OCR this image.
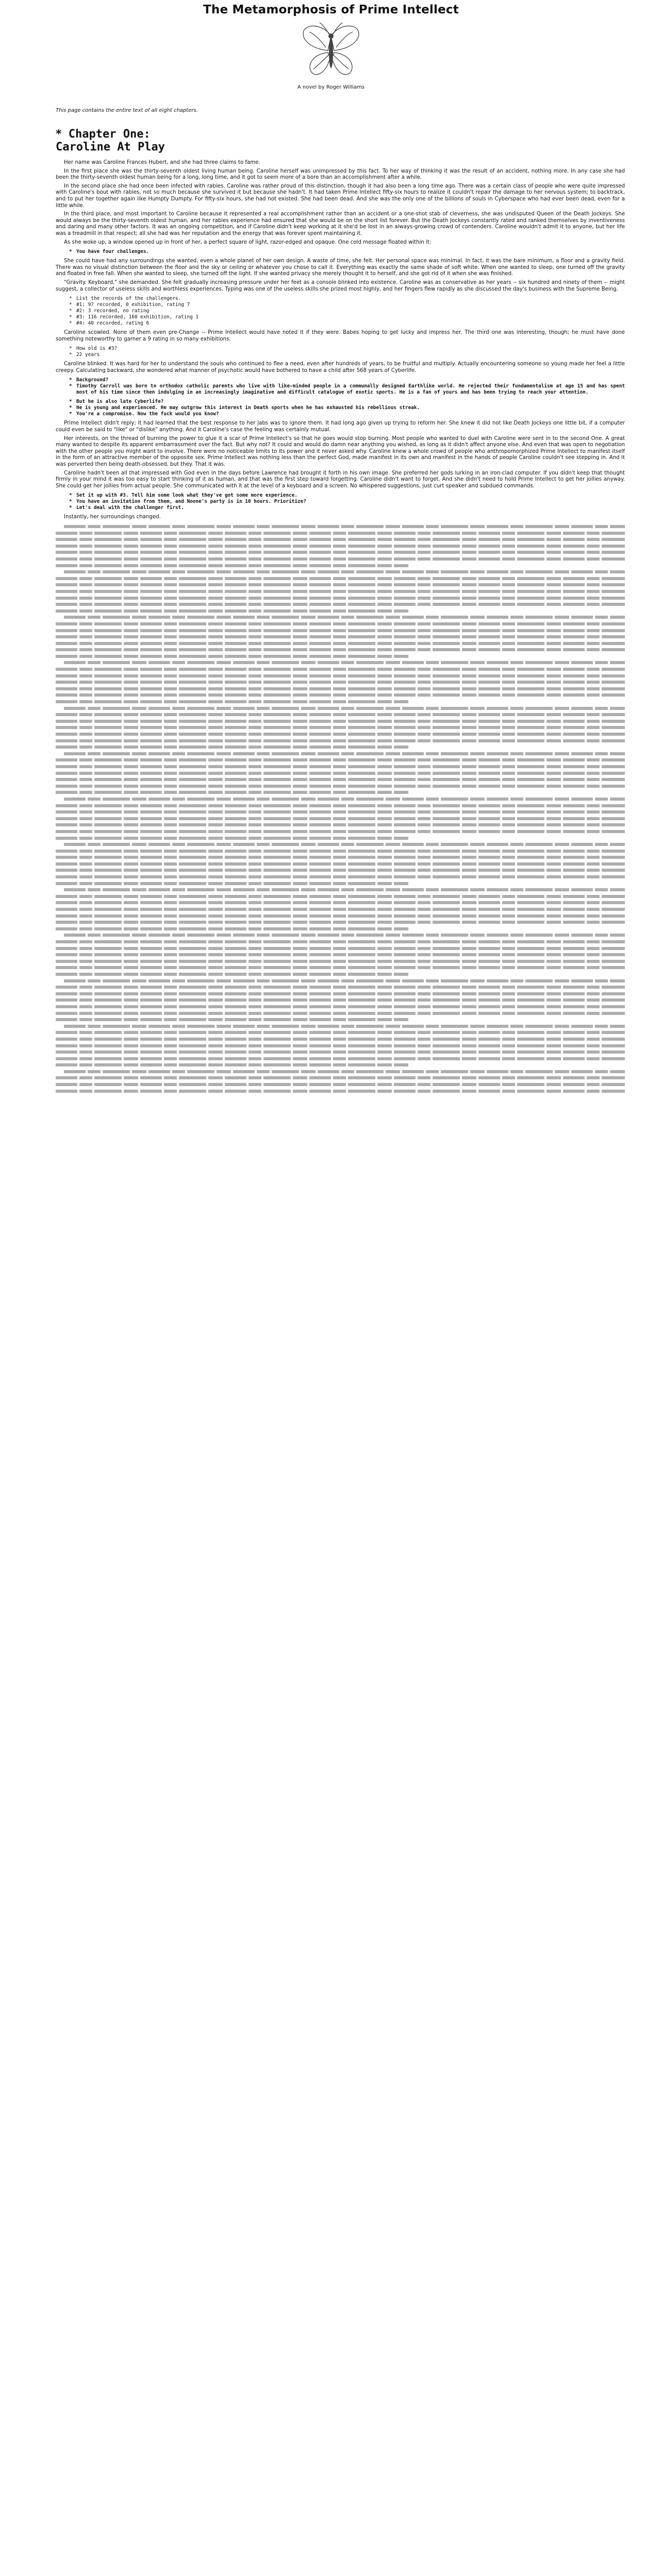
The Metamorphosis of Prime Intellect

A novel by Roger Williams

This page contains the entire text of all eight chapters.

* Chapter One:
Caroline At Play

Her name was Caroline Frances Hubert, and she had three claims to fame.

In the first place she was the thirty-seventh oldest living human being. Caroline herself was unimpressed by this fact. To her way of thinking it was the result of an accident, nothing more. In any case she had been the thirty-seventh oldest human being for a long, long time, and it got to seem more of a bore than an accomplishment after a while.

In the second place she had once been infected with rabies. Caroline was rather proud of this distinction, though it had also been a long time ago. There was a certain class of people who were quite impressed with Caroline's bout with rabies, not so much because she survived it but because she hadn't. It had taken Prime Intellect fifty-six hours to realize it couldn't repair the damage to her nervous system; to backtrack, and to put her together again like Humpty Dumpty. For fifty-six hours, she had not existed. She had been dead. And she was the only one of the billions of souls in Cyberspace who had ever been dead, even for a little while.

In the third place, and most important to Caroline because it represented a real accomplishment rather than an accident or a one-shot stab of cleverness, she was undisputed Queen of the Death Jockeys. She would always be the thirty-seventh oldest human, and her rabies experience had ensured that she would be on the short list forever. But the Death Jockeys constantly rated and ranked themselves by inventiveness and daring and many other factors. It was an ongoing competition, and if Caroline didn't keep working at it she'd be lost in an always-growing crowd of contenders. Caroline wouldn't admit it to anyone, but her life was a treadmill in that respect; all she had was her reputation and the energy that was forever spent maintaining it.

As she woke up, a window opened up in front of her, a perfect square of light, razor-edged and opaque. One cold message floated within it:

* You have four challenges.

She could have had any surroundings she wanted, even a whole planet of her own design. A waste of time, she felt. Her personal space was minimal. In fact, it was the bare minimum, a floor and a gravity field. There was no visual distinction between the floor and the sky or ceiling or whatever you chose to call it. Everything was exactly the same shade of soft white. When one wanted to sleep, one turned off the gravity and floated in free fall. When she wanted to sleep, she turned off the light. If she wanted privacy she merely thought it to herself, and she got rid of it when she was finished.

"Gravity. Keyboard," she demanded. She felt gradually increasing pressure under her feet as a console blinked into existence. Caroline was as conservative as her years -- six hundred and ninety of them -- might suggest, a collector of useless skills and worthless experiences. Typing was one of the useless skills she prized most highly, and her fingers flew rapidly as she discussed the day's business with the Supreme Being.

* List the records of the challengers.
* #1: 97 recorded, 0 exhibition, rating 7
* #2: 3 recorded, no rating
* #3: 116 recorded, 160 exhibition, rating 1
* #4: 40 recorded, rating 6

Caroline scowled. None of them even pre-Change -- Prime Intellect would have noted it if they were. Babes hoping to get lucky and impress her. The third one was interesting, though; he must have done something noteworthy to garner a 9 rating in so many exhibitions.

* How old is #3?
* 22 years

Caroline blinked. It was hard for her to understand the souls who continued to flee a need, even after hundreds of years, to be fruitful and multiply. Actually encountering someone so young made her feel a little creepy. Calculating backward, she wondered what manner of psychotic would have bothered to have a child after 568 years of Cyberlife.

* Background?
* Timothy Carroll was born to orthodox catholic parents who live with like-minded people in a communally designed Earthlike world. He rejected their fundamentalism at age 15 and has spent most of his time since then indulging in an increasingly imaginative and difficult catalogue of exotic sports. He is a fan of yours and has been trying to reach your attention.
* But he is also late Cyberlife?
* He is young and experienced. He may outgrow this interest in Death sports when he has exhausted his rebellious streak.
* You're a compromise. Now the fuck would you know?

Prime Intellect didn't reply; it had learned that the best response to her jabs was to ignore them. It had long ago given up trying to reform her. She knew it did not like Death Jockeys one little bit, if a computer could even be said to "like" or "dislike" anything. And it Caroline's case the feeling was certainly mutual.

Her interests, on the thread of burning the power to glue it a scar of Prime Intellect's so that he goes would stop burning. Most people who wanted to duel with Caroline were sent in to the second One. A great many wanted to despite its apparent embarrassment over the fact. But why not? It could and would do damn near anything you wished, as long as it didn't affect anyone else. And even that was open to negotiation with the other people you might want to involve. There were no noticeable limits to its power and it never asked why. Caroline knew a whole crowd of people who anthropomorphized Prime Intellect to manifest itself in the form of an attractive member of the opposite sex. Prime Intellect was nothing less than the perfect God, made manifest in its own and manifest in the hands of people Caroline couldn't see stepping in. And it was perverted then being death-obsessed, but they. That it was.

Caroline hadn't been all that impressed with God even in the days before Lawrence had brought it forth in his own image. She preferred her gods lurking in an iron-clad computer. If you didn't keep that thought firmly in your mind it was too easy to start thinking of it as human, and that was the first step toward forgetting. Caroline didn't want to forget. And she didn't need to hold Prime Intellect to get her jollies anyway. She could get her jollies from actual people. She communicated with it at the level of a keyboard and a screen. No whispered suggestions, just curt speaker and subdued commands.

* Set it up with #3. Tell him some look what they've got some more experience.
* You have an invitation from them, and Noone's party is in 10 hours. Prioritize?
* Let's deal with the challenger first.

Instantly, her surroundings changed.
